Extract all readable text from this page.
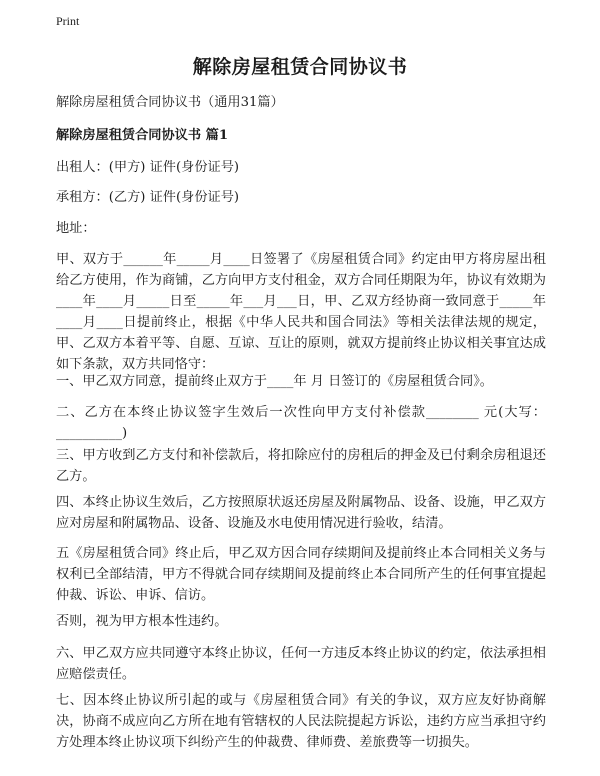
Print
解除房屋租赁合同协议书

解除房屋租赁合同协议书（通用31篇）

解除房屋租赁合同协议书 篇1

出租人：(甲方) 证件(身份证号)

承租方：(乙方) 证件(身份证号)

地址：

甲、双方于______年_____月____日签署了《房屋租赁合同》约定由甲方将房屋出租给乙方使用，作为商铺，乙方向甲方支付租金，双方合同任期限为年，协议有效期为____年____月_____日至_____年___月___日，甲、乙双方经协商一致同意于_____年____月____日提前终止，根据《中华人民共和国合同法》等相关法律法规的规定，甲、乙双方本着平等、自愿、互谅、互让的原则，就双方提前终止协议相关事宜达成如下条款，双方共同恪守：

一、甲乙双方同意，提前终止双方于____年 月 日签订的《房屋租赁合同》。

二、乙方在本终止协议签字生效后一次性向甲方支付补偿款________ 元(大写：__________)

三、甲方收到乙方支付和补偿款后，将扣除应付的房租后的押金及已付剩余房租退还乙方。

四、本终止协议生效后，乙方按照原状返还房屋及附属物品、设备、设施，甲乙双方应对房屋和附属物品、设备、设施及水电使用情况进行验收，结清。

五《房屋租赁合同》终止后，甲乙双方因合同存续期间及提前终止本合同相关义务与权利已全部结清，甲方不得就合同存续期间及提前终止本合同所产生的任何事宜提起仲裁、诉讼、申诉、信访。

否则，视为甲方根本性违约。

六、甲乙双方应共同遵守本终止协议，任何一方违反本终止协议的约定，依法承担相应赔偿责任。

七、因本终止协议所引起的或与《房屋租赁合同》有关的争议，双方应友好协商解决，协商不成应向乙方所在地有管辖权的人民法院提起方诉讼，违约方应当承担守约方处理本终止协议项下纠纷产生的仲裁费、律师费、差旅费等一切损失。
